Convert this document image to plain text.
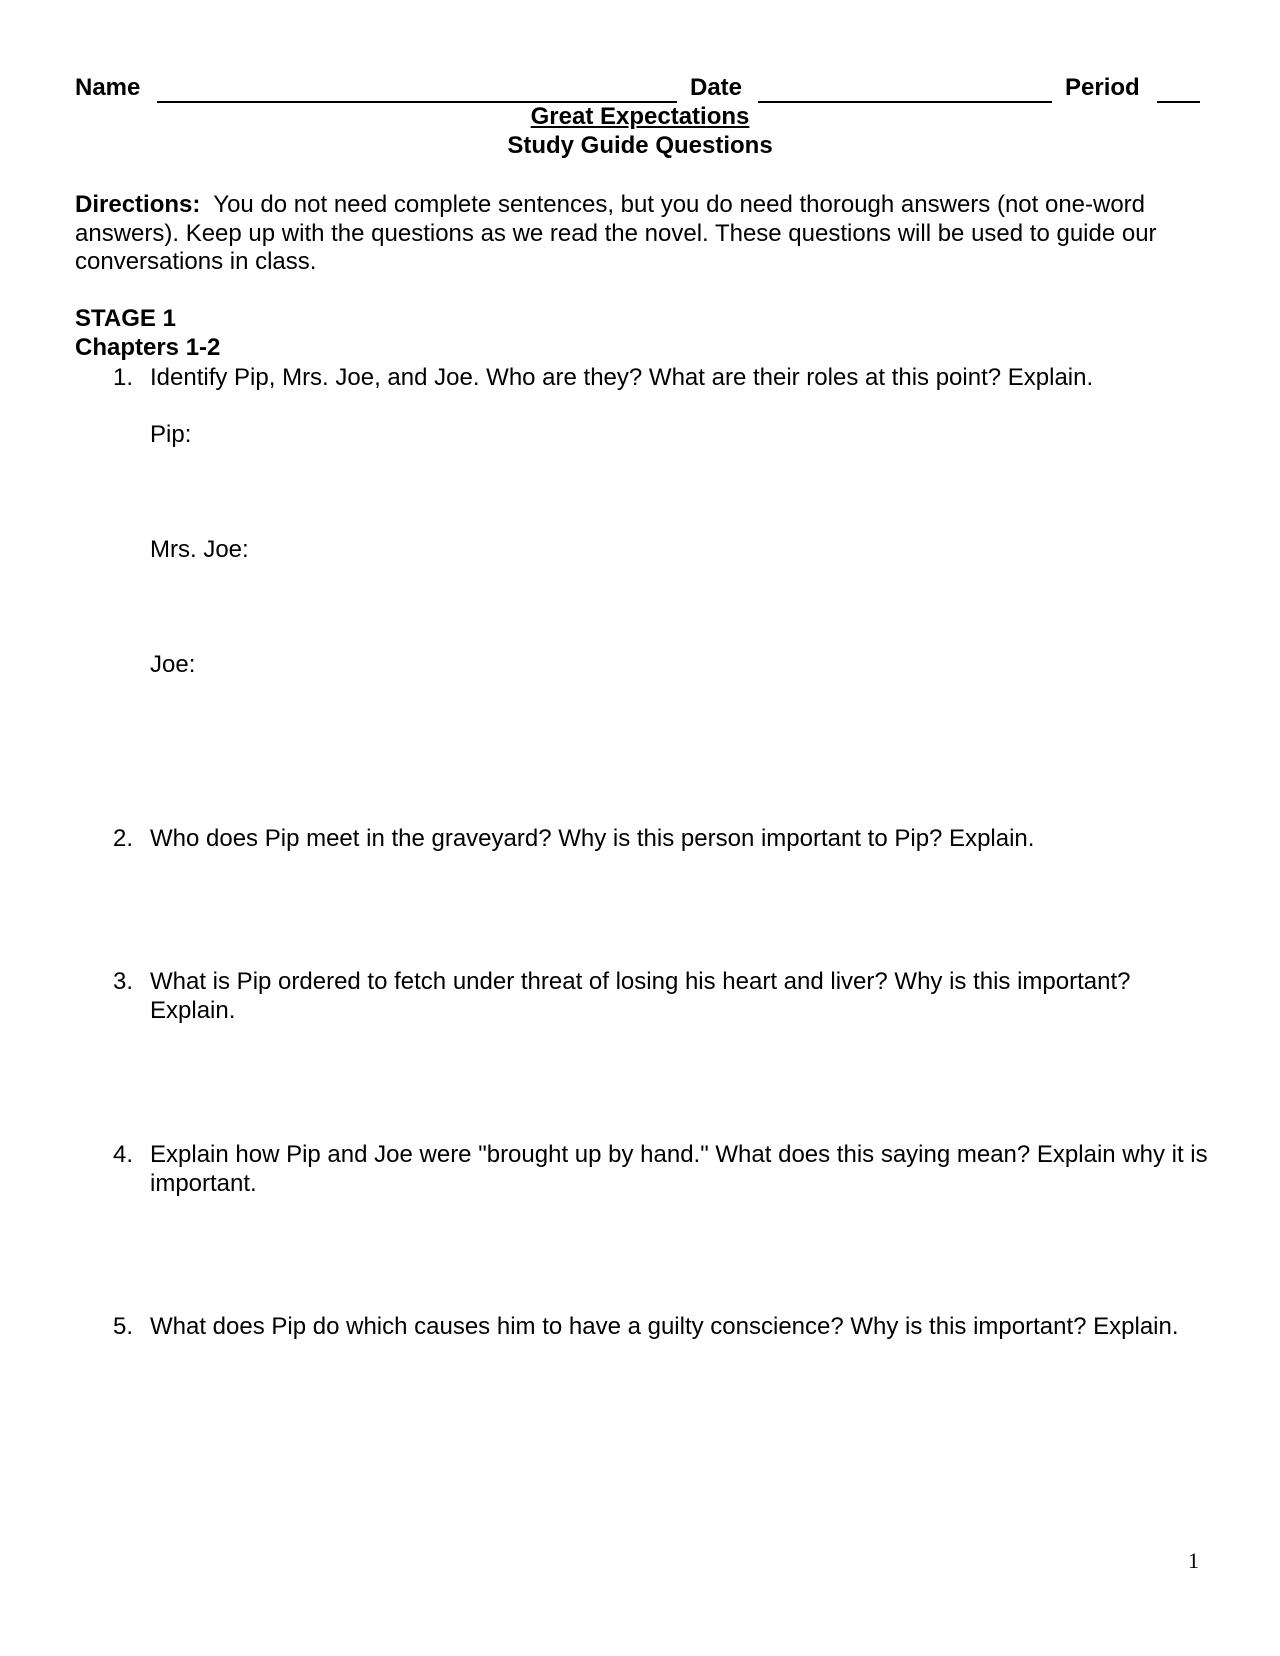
Name	Date	Period
Great Expectations
Study Guide Questions
Directions: You do not need complete sentences, but you do need thorough answers (not one-word answers). Keep up with the questions as we read the novel. These questions will be used to guide our conversations in class.
STAGE 1
Chapters 1-2
1. Identify Pip, Mrs. Joe, and Joe. Who are they? What are their roles at this point? Explain.
Pip:
Mrs. Joe:
Joe:
2. Who does Pip meet in the graveyard? Why is this person important to Pip? Explain.
3. What is Pip ordered to fetch under threat of losing his heart and liver? Why is this important? Explain.
4. Explain how Pip and Joe were "brought up by hand." What does this saying mean? Explain why it is important.
5. What does Pip do which causes him to have a guilty conscience? Why is this important? Explain.
1
